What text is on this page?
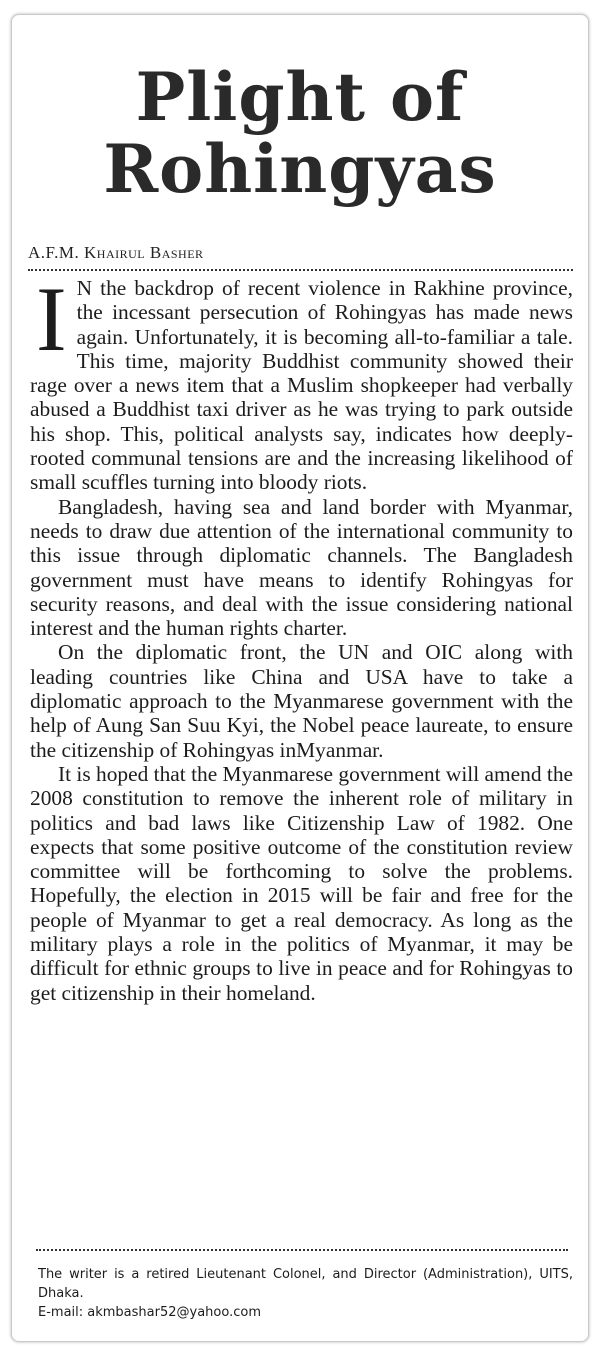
Plight of
Rohingyas
A.F.M. Khairul Basher

I N the backdrop of recent violence in Rakhine province, the incessant persecution of Rohingyas has made news again. Unfortunately, it is becoming all-to-familiar a tale. This time, majority Buddhist community showed their rage over a news item that a Muslim shopkeeper had verbally abused a Buddhist taxi driver as he was trying to park outside his shop. This, political analysts say, indicates how deeply-rooted communal tensions are and the increasing likelihood of small scuffles turning into bloody riots.

Bangladesh, having sea and land border with Myanmar, needs to draw due attention of the international community to this issue through diplomatic channels. The Bangladesh government must have means to identify Rohingyas for security reasons, and deal with the issue considering national interest and the human rights charter.

On the diplomatic front, the UN and OIC along with leading countries like China and USA have to take a diplomatic approach to the Myanmarese government with the help of Aung San Suu Kyi, the Nobel peace laureate, to ensure the citizenship of Rohingyas inMyanmar.

It is hoped that the Myanmarese government will amend the 2008 constitution to remove the inherent role of military in politics and bad laws like Citizenship Law of 1982. One expects that some positive outcome of the constitution review committee will be forthcoming to solve the problems. Hopefully, the election in 2015 will be fair and free for the people of Myanmar to get a real democracy. As long as the military plays a role in the politics of Myanmar, it may be difficult for ethnic groups to live in peace and for Rohingyas to get citizenship in their homeland.

The writer is a retired Lieutenant Colonel, and Director (Administration), UITS, Dhaka.
E-mail: akmbashar52@yahoo.com
